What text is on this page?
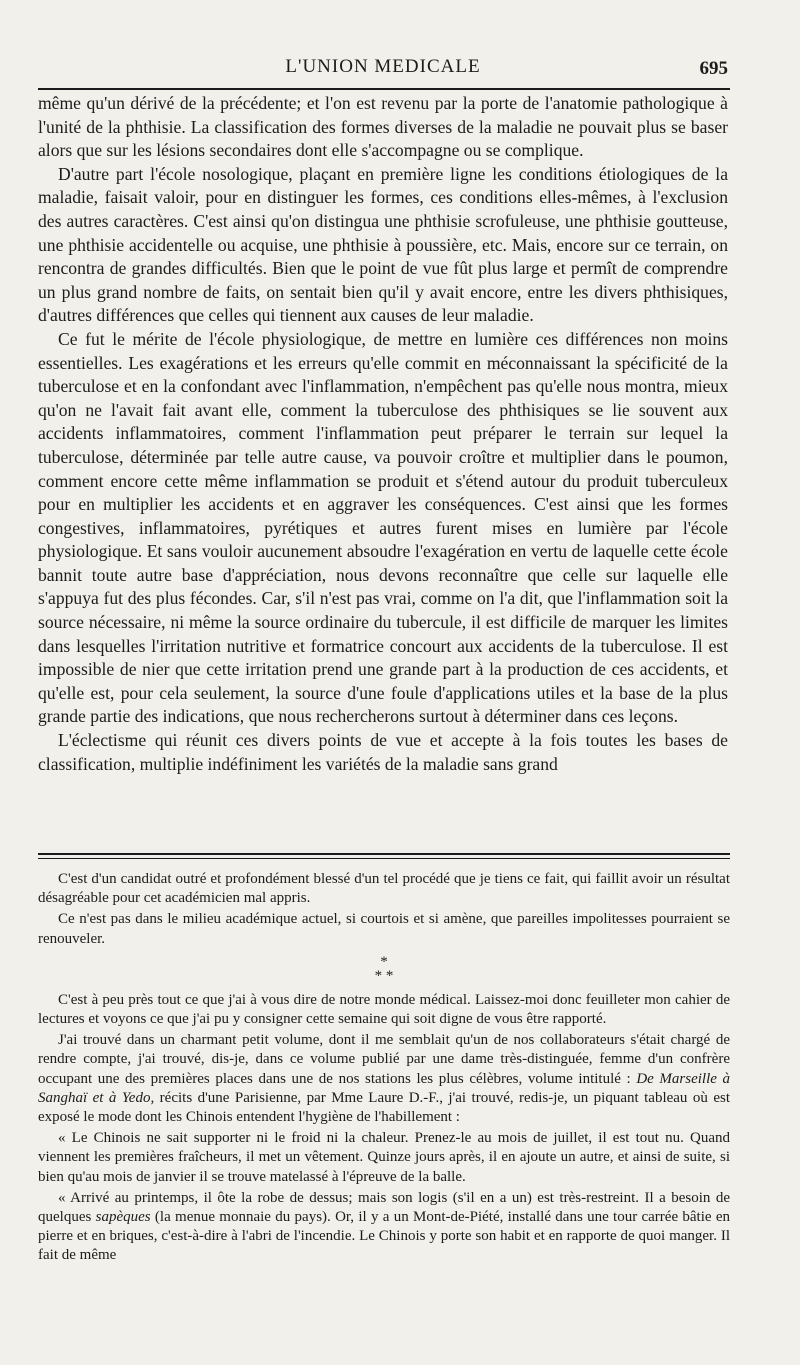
L'UNION MEDICALE	695

même qu'un dérivé de la précédente; et l'on est revenu par la porte de l'anatomie pathologique à l'unité de la phthisie. La classification des formes diverses de la maladie ne pouvait plus se baser alors que sur les lésions secondaires dont elle s'accompagne ou se complique.

D'autre part l'école nosologique, plaçant en première ligne les conditions étiologiques de la maladie, faisait valoir, pour en distinguer les formes, ces conditions elles-mêmes, à l'exclusion des autres caractères. C'est ainsi qu'on distingua une phthisie scrofuleuse, une phthisie goutteuse, une phthisie accidentelle ou acquise, une phthisie à poussière, etc. Mais, encore sur ce terrain, on rencontra de grandes difficultés. Bien que le point de vue fût plus large et permît de comprendre un plus grand nombre de faits, on sentait bien qu'il y avait encore, entre les divers phthisiques, d'autres différences que celles qui tiennent aux causes de leur maladie.

Ce fut le mérite de l'école physiologique, de mettre en lumière ces différences non moins essentielles. Les exagérations et les erreurs qu'elle commit en méconnaissant la spécificité de la tuberculose et en la confondant avec l'inflammation, n'empêchent pas qu'elle nous montra, mieux qu'on ne l'avait fait avant elle, comment la tuberculose des phthisiques se lie souvent aux accidents inflammatoires, comment l'inflammation peut préparer le terrain sur lequel la tuberculose, déterminée par telle autre cause, va pouvoir croître et multiplier dans le poumon, comment encore cette même inflammation se produit et s'étend autour du produit tuberculeux pour en multiplier les accidents et en aggraver les conséquences. C'est ainsi que les formes congestives, inflammatoires, pyrétiques et autres furent mises en lumière par l'école physiologique. Et sans vouloir aucunement absoudre l'exagération en vertu de laquelle cette école bannit toute autre base d'appréciation, nous devons reconnaître que celle sur laquelle elle s'appuya fut des plus fécondes. Car, s'il n'est pas vrai, comme on l'a dit, que l'inflammation soit la source nécessaire, ni même la source ordinaire du tubercule, il est difficile de marquer les limites dans lesquelles l'irritation nutritive et formatrice concourt aux accidents de la tuberculose. Il est impossible de nier que cette irritation prend une grande part à la production de ces accidents, et qu'elle est, pour cela seulement, la source d'une foule d'applications utiles et la base de la plus grande partie des indications, que nous rechercherons surtout à déterminer dans ces leçons.

L'éclectisme qui réunit ces divers points de vue et accepte à la fois toutes les bases de classification, multiplie indéfiniment les variétés de la maladie sans grand

C'est d'un candidat outré et profondément blessé d'un tel procédé que je tiens ce fait, qui faillit avoir un résultat désagréable pour cet académicien mal appris.

Ce n'est pas dans le milieu académique actuel, si courtois et si amène, que pareilles impolitesses pourraient se renouveler.

*
* *

C'est à peu près tout ce que j'ai à vous dire de notre monde médical. Laissez-moi donc feuilleter mon cahier de lectures et voyons ce que j'ai pu y consigner cette semaine qui soit digne de vous être rapporté.

J'ai trouvé dans un charmant petit volume, dont il me semblait qu'un de nos collaborateurs s'était chargé de rendre compte, j'ai trouvé, dis-je, dans ce volume publié par une dame très-distinguée, femme d'un confrère occupant une des premières places dans une de nos stations les plus célèbres, volume intitulé : De Marseille à Sanghaï et à Yedo, récits d'une Parisienne, par Mme Laure D.-F., j'ai trouvé, redis-je, un piquant tableau où est exposé le mode dont les Chinois entendent l'hygiène de l'habillement :

« Le Chinois ne sait supporter ni le froid ni la chaleur. Prenez-le au mois de juillet, il est tout nu. Quand viennent les premières fraîcheurs, il met un vêtement. Quinze jours après, il en ajoute un autre, et ainsi de suite, si bien qu'au mois de janvier il se trouve matelassé à l'épreuve de la balle.

« Arrivé au printemps, il ôte la robe de dessus; mais son logis (s'il en a un) est très-restreint. Il a besoin de quelques sapèques (la menue monnaie du pays). Or, il y a un Mont-de-Piété, installé dans une tour carrée bâtie en pierre et en briques, c'est-à-dire à l'abri de l'incendie. Le Chinois y porte son habit et en rapporte de quoi manger. Il fait de même
